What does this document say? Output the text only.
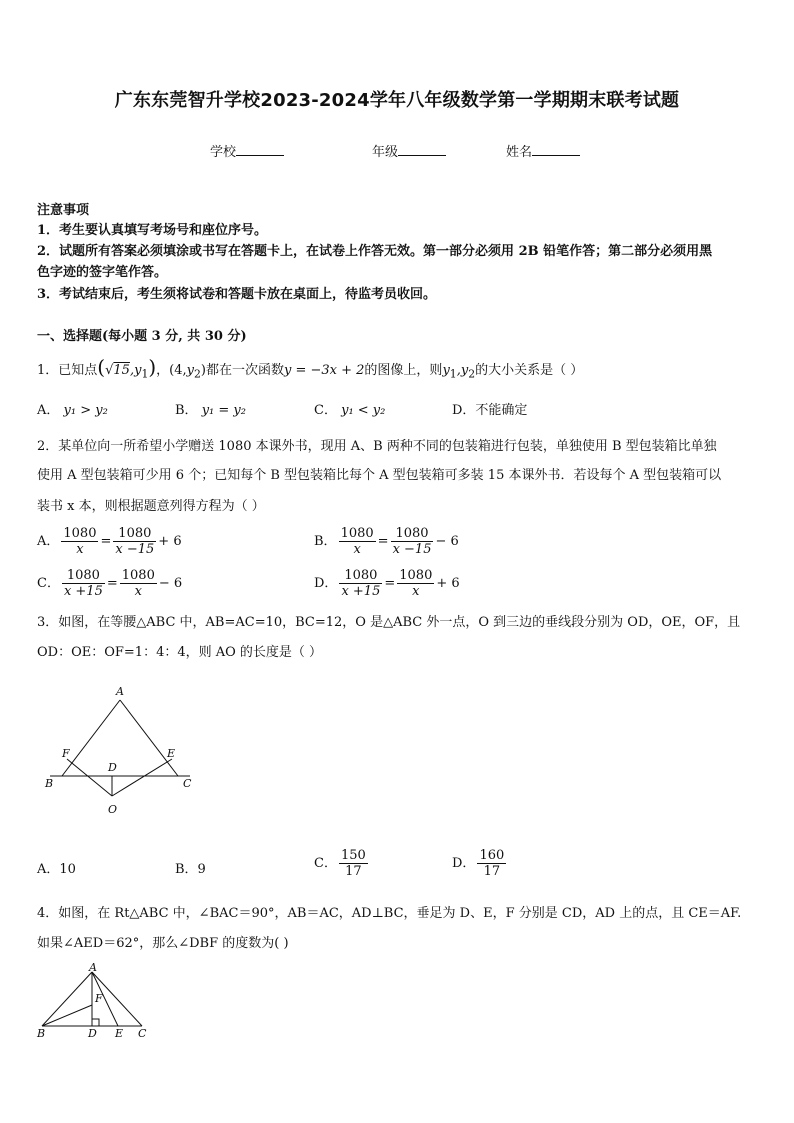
广东东莞智升学校2023-2024学年八年级数学第一学期期末联考试题
学校	年级	姓名
注意事项
1．考生要认真填写考场号和座位序号。
2．试题所有答案必须填涂或书写在答题卡上，在试卷上作答无效。第一部分必须用 2B 铅笔作答；第二部分必须用黑
色字迹的签字笔作答。
3．考试结束后，考生须将试卷和答题卡放在桌面上，待监考员收回。
一、选择题(每小题 3 分, 共 30 分)
1．已知点$(√15,y_1)$，$(4,y_2)$都在一次函数y = −3x + 2的图像上，则$y_1,y_2$的大小关系是（ ）
A． y₁ > y₂	B． y₁ = y₂	C． y₁ < y₂	D．不能确定
2．某单位向一所希望小学赠送 1080 本课外书，现用 A、B 两种不同的包装箱进行包装，单独使用 B 型包装箱比单独
使用 A 型包装箱可少用 6 个；已知每个 B 型包装箱比每个 A 型包装箱可多装 15 本课外书．若设每个 A 型包装箱可以
装书 x 本，则根据题意列得方程为（ ）
A． $\frac{1080}{x} = \frac{1080}{x -15} + 6$	B． $\frac{1080}{x} = \frac{1080}{x -15} - 6$
C． $\frac{1080}{x +15} = \frac{1080}{x} - 6$	D． $\frac{1080}{x +15} = \frac{1080}{x} + 6$
3．如图，在等腰△ABC 中，AB=AC=10，BC=12，O 是△ABC 外一点，O 到三边的垂线段分别为 OD，OE，OF，且
OD：OE：OF=1：4：4，则 AO 的长度是（ ）
A
B	C
D
E
F
O
A．10	B．9	C． $\frac{150}{17}$	D． $\frac{160}{17}$
4．如图，在 Rt△ABC 中，∠BAC＝90°，AB＝AC，AD⊥BC，垂足为 D、E，F 分别是 CD，AD 上的点，且 CE＝AF.
如果∠AED＝62°，那么∠DBF 的度数为( )
A
B	C
D E
F
